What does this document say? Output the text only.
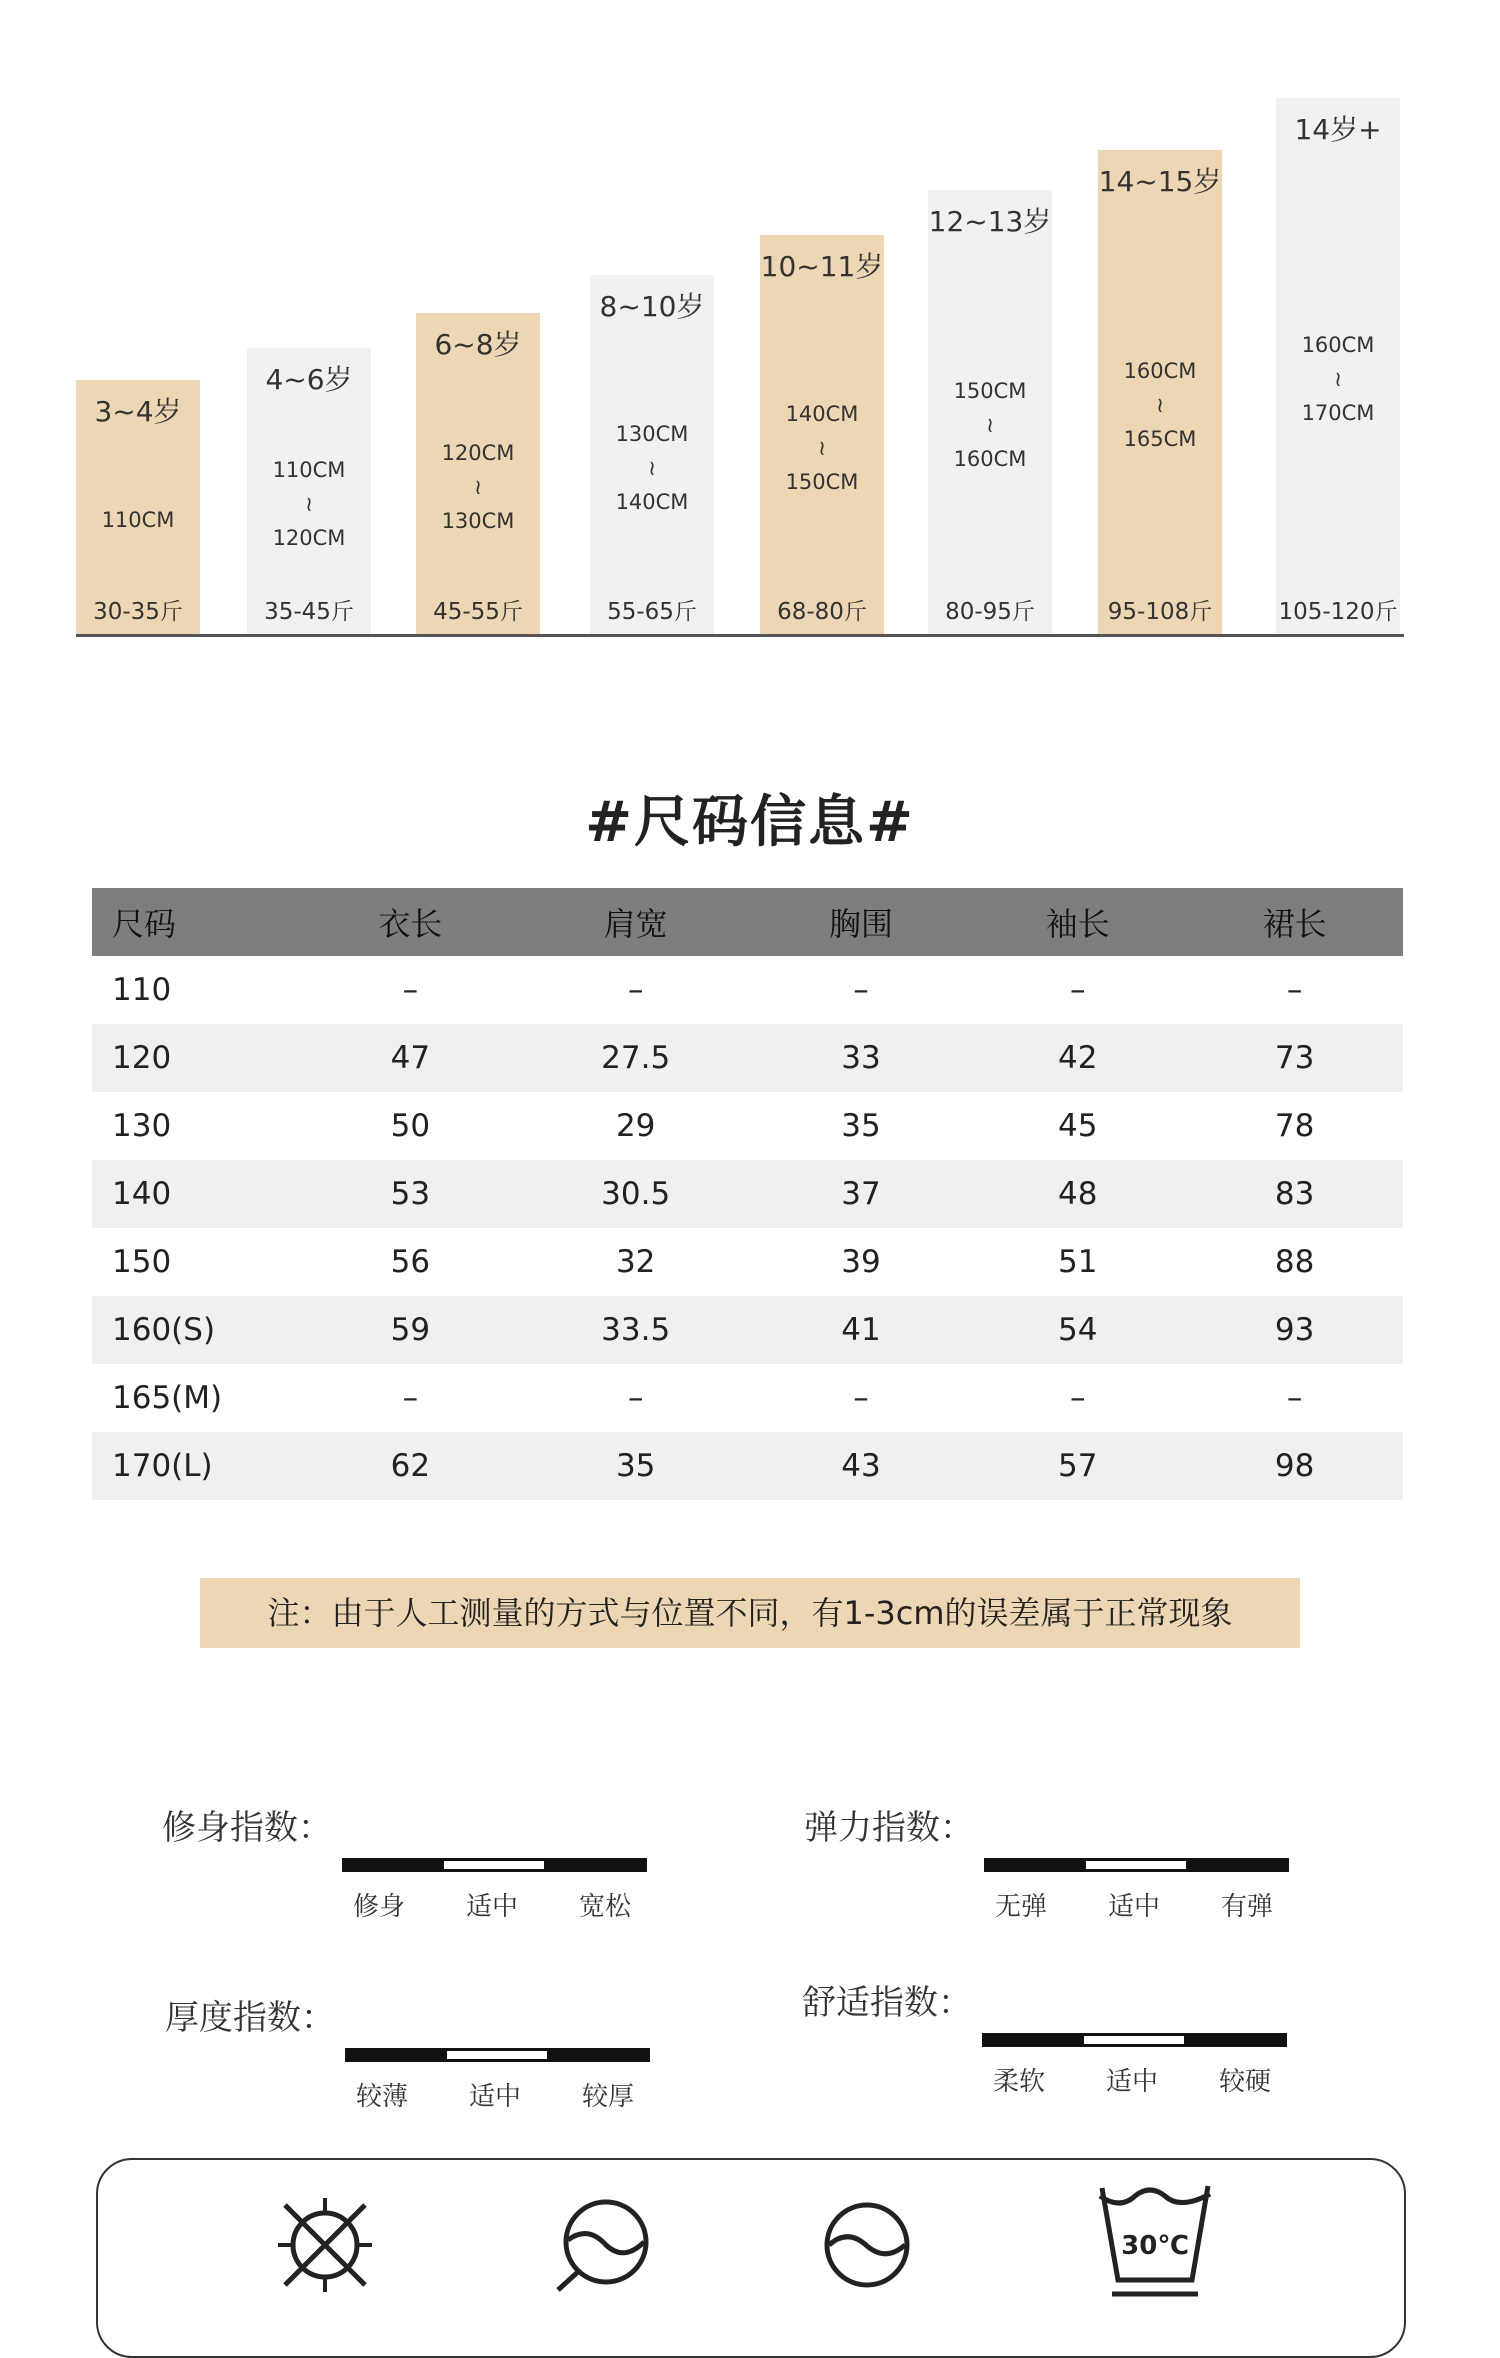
3~4岁
110CM
30-35斤
4~6岁
110CM
≀
120CM
35-45斤
6~8岁
120CM
≀
130CM
45-55斤
8~10岁
130CM
≀
140CM
55-65斤
10~11岁
140CM
≀
150CM
68-80斤
12~13岁
150CM
≀
160CM
80-95斤
14~15岁
160CM
≀
165CM
95-108斤
14岁+
160CM
≀
170CM
105-120斤
#尺码信息#
尺码	衣长	肩宽	胸围	袖长	裙长
110	–	–	–	–	–
120	47	27.5	33	42	73
130	50	29	35	45	78
140	53	30.5	37	48	83
150	56	32	39	51	88
160(S)	59	33.5	41	54	93
165(M)	–	–	–	–	–
170(L)	62	35	43	57	98
注：由于人工测量的方式与位置不同，有1-3cm的误差属于正常现象
修身指数：
修身	适中	宽松
弹力指数：
无弹	适中	有弹
厚度指数：
较薄	适中	较厚
舒适指数：
柔软	适中	较硬
30℃
